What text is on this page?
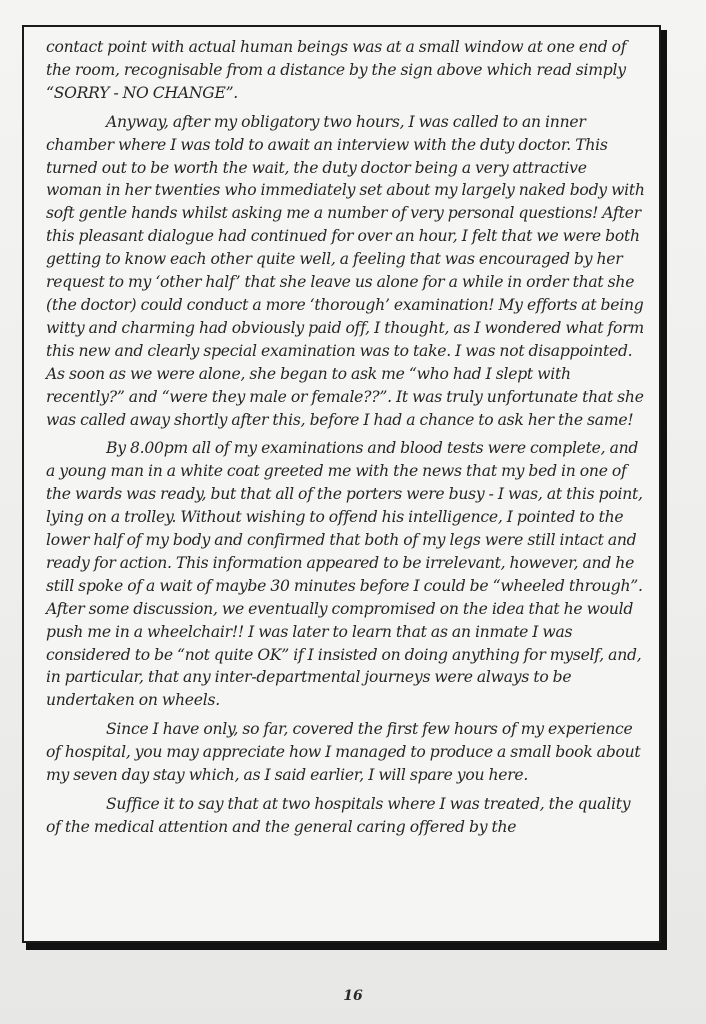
contact point with actual human beings was at a small window at one end of the room, recognisable from a distance by the sign above which read simply “SORRY - NO CHANGE”.

Anyway, after my obligatory two hours, I was called to an inner chamber where I was told to await an interview with the duty doctor. This turned out to be worth the wait, the duty doctor being a very attractive woman in her twenties who immediately set about my largely naked body with soft gentle hands whilst asking me a number of very personal questions! After this pleasant dialogue had continued for over an hour, I felt that we were both getting to know each other quite well, a feeling that was encouraged by her request to my ‘other half’ that she leave us alone for a while in order that she (the doctor) could conduct a more ‘thorough’ examination! My efforts at being witty and charming had obviously paid off, I thought, as I wondered what form this new and clearly special examination was to take. I was not disappointed. As soon as we were alone, she began to ask me “who had I slept with recently?” and “were they male or female??”. It was truly unfortunate that she was called away shortly after this, before I had a chance to ask her the same!

By 8.00pm all of my examinations and blood tests were complete, and a young man in a white coat greeted me with the news that my bed in one of the wards was ready, but that all of the porters were busy - I was, at this point, lying on a trolley. Without wishing to offend his intelligence, I pointed to the lower half of my body and confirmed that both of my legs were still intact and ready for action. This information appeared to be irrelevant, however, and he still spoke of a wait of maybe 30 minutes before I could be “wheeled through”. After some discussion, we eventually compromised on the idea that he would push me in a wheelchair!! I was later to learn that as an inmate I was considered to be “not quite OK” if I insisted on doing anything for myself, and, in particular, that any inter-departmental journeys were always to be undertaken on wheels.

Since I have only, so far, covered the first few hours of my experience of hospital, you may appreciate how I managed to produce a small book about my seven day stay which, as I said earlier, I will spare you here.

Suffice it to say that at two hospitals where I was treated, the quality of the medical attention and the general caring offered by the

16
